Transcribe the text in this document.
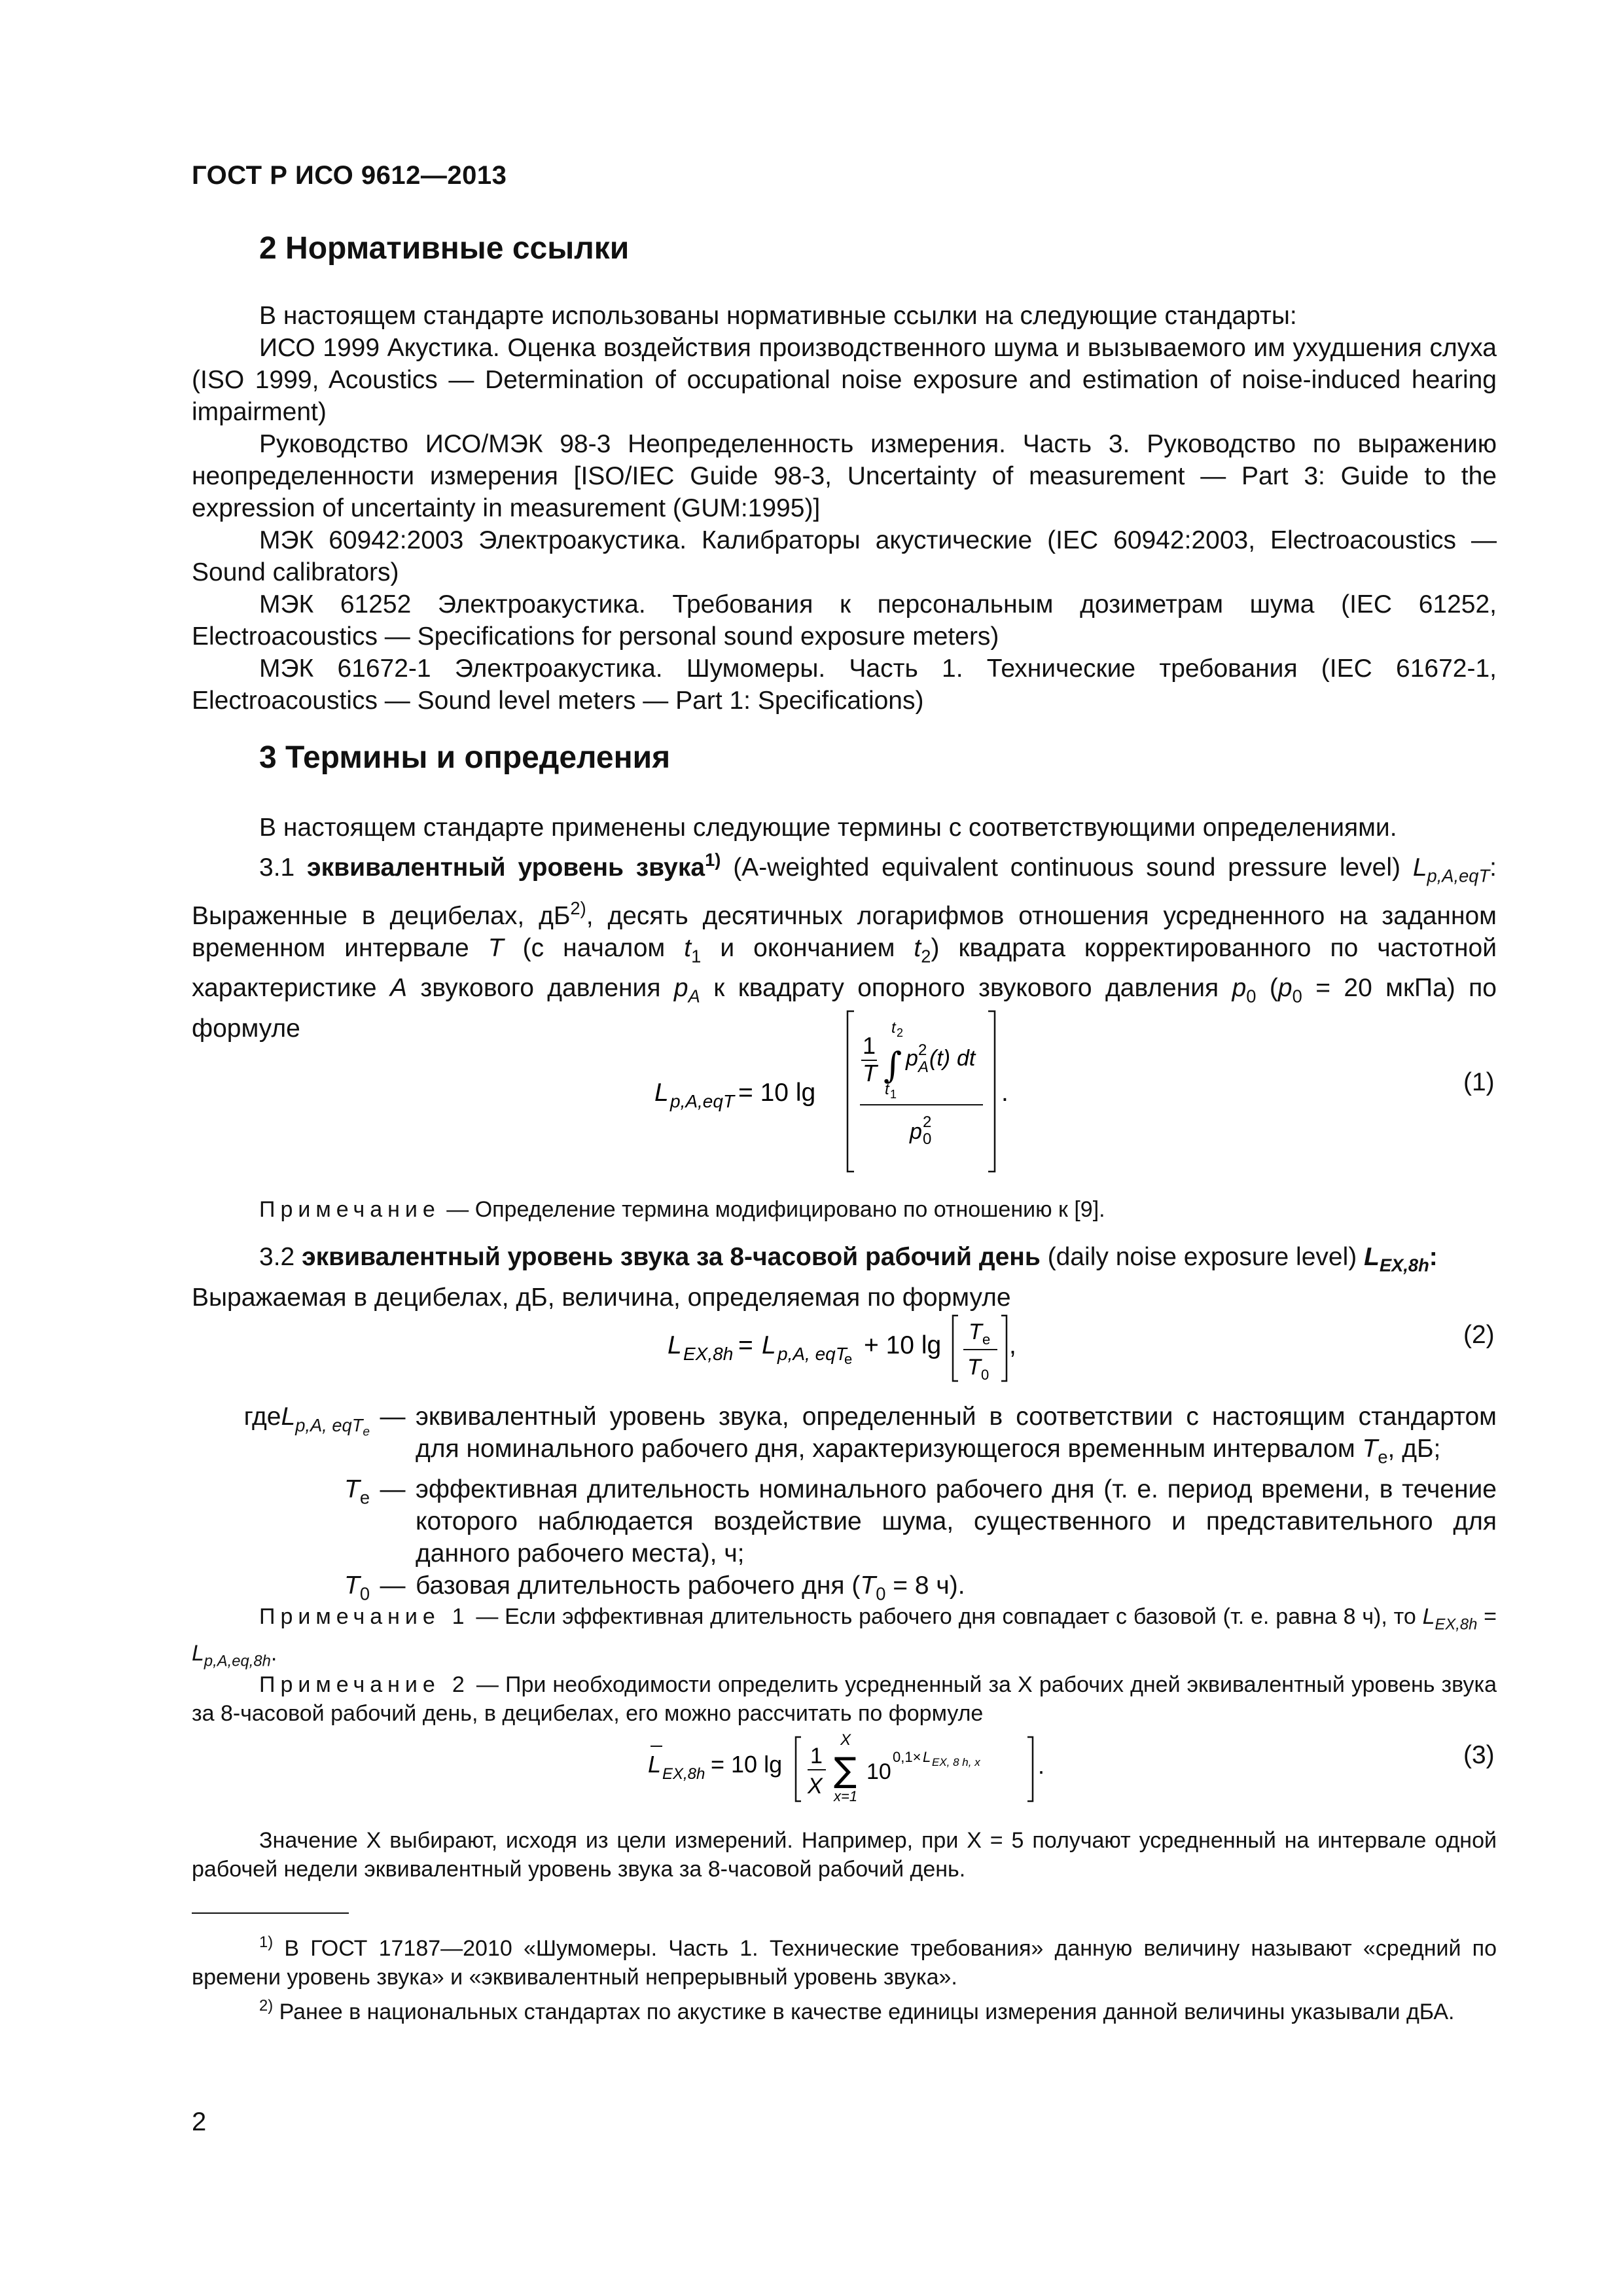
ГОСТ Р ИСО 9612—2013
2 Нормативные ссылки

В настоящем стандарте использованы нормативные ссылки на следующие стандарты:

ИСО 1999 Акустика. Оценка воздействия производственного шума и вызываемого им ухудшения слуха (ISO 1999, Acoustics — Determination of occupational noise exposure and estimation of noise-induced hearing impairment)

Руководство ИСО/МЭК 98-3 Неопределенность измерения. Часть 3. Руководство по выражению неопределенности измерения [ISO/IEC Guide 98-3, Uncertainty of measurement — Part 3: Guide to the expression of uncertainty in measurement (GUM:1995)]

МЭК 60942:2003 Электроакустика. Калибраторы акустические (IEC 60942:2003, Electroacoustics — Sound calibrators)

МЭК 61252 Электроакустика. Требования к персональным дозиметрам шума (IEC 61252, Electroacoustics — Specifications for personal sound exposure meters)

МЭК 61672-1 Электроакустика. Шумомеры. Часть 1. Технические требования (IEC 61672-1, Electroacoustics — Sound level meters — Part 1: Specifications)

3 Термины и определения

В настоящем стандарте применены следующие термины с соответствующими определениями.

3.1 эквивалентный уровень звука$^{1)}$ (A-weighted equivalent continuous sound pressure level) $L_{p,A,eqT}$: Выраженные в децибелах, $дБ^{2)}$, десять десятичных логарифмов отношения усредненного на заданном временном интервале T (с началом $t_1$ и окончанием $t_2$) квадрата корректированного по частотной характеристике A звукового давления $p_A$ к квадрату опорного звукового давления $p_0$ ($p_0 = 20$ мкПа) по формуле

L p,A,eqT = 10 lg
1
T ∫
t 2
t 1
p 2
A (t) dt
p 2
0
.	(1)

Примечание — Определение термина модифицировано по отношению к [9].

3.2 эквивалентный уровень звука за 8-часовой рабочий день (daily noise exposure level) $L_{EX,8h}$:

Выражаемая в децибелах, дБ, величина, определяемая по формуле

L EX,8h = L p,A, eqT
e + 10 lg T e
T 0
,	(2)
гдеL$_{p,A, eqT_e}$
— эквивалентный уровень звука, определенный в соответствии с настоящим стандартом для номинального рабочего дня, характеризующегося временным интервалом $T_e$, дБ;
$T_e$ — эффективная длительность номинального рабочего дня (т. е. период времени, в течение которого наблюдается воздействие шума, существенного и представительного для данного рабочего места), ч;
$T_0$ — базовая длительность рабочего дня ($T_0 = 8$ ч).

Примечание 1 — Если эффективная длительность рабочего дня совпадает с базовой (т. е. равна 8 ч), то $L_{EX,8h} = L_{p,A,eq,8h}$.

Примечание 2 — При необходимости определить усредненный за X рабочих дней эквивалентный уровень звука за 8-часовой рабочий день, в децибелах, его можно рассчитать по формуле

L EX,8h = 10 lg 1
X
X
∑
x=1
10
0,1× L EX, 8 h, x .	(3)

Значение X выбирают, исходя из цели измерений. Например, при X = 5 получают усредненный на интервале одной рабочей недели эквивалентный уровень звука за 8-часовой рабочий день.

$^{1)}$ В ГОСТ 17187—2010 «Шумомеры. Часть 1. Технические требования» данную величину называют «средний по времени уровень звука» и «эквивалентный непрерывный уровень звука».

$^{2)}$ Ранее в национальных стандартах по акустике в качестве единицы измерения данной величины указывали дБА.

2
